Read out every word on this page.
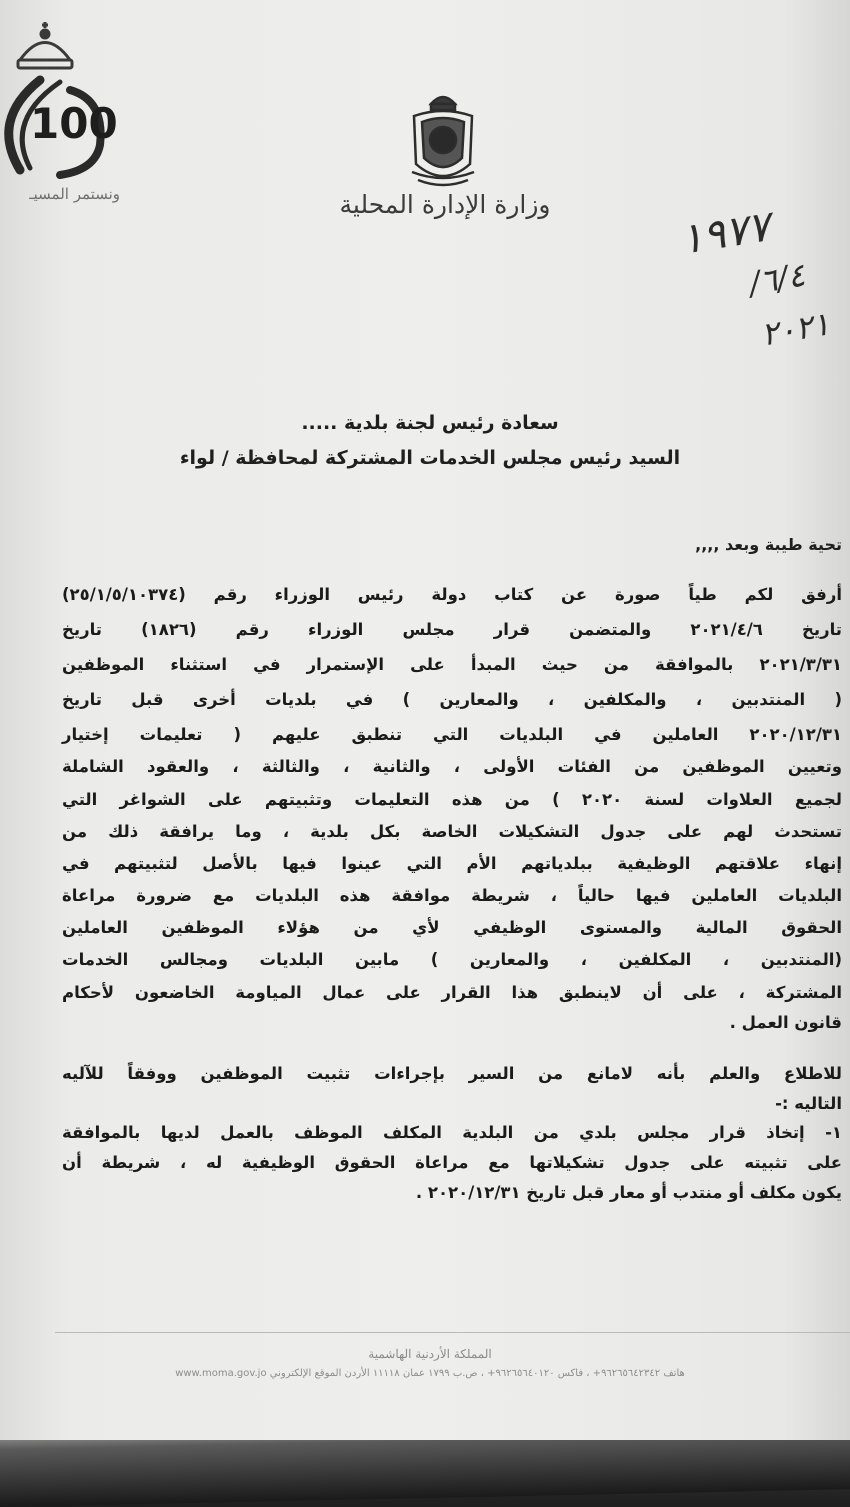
100
ونستمر المسيـ	وزارة الإدارة المحلية	١٩٧٧
٦/٤/
٢٠٢١
سعادة رئيس لجنة بلدية .....
السيد رئيس مجلس الخدمات المشتركة لمحافظة / لواء
تحية طيبة وبعد ,,,,
أرفق لكم طياً صورة عن كتاب دولة رئيس الوزراء رقم (٢٥/١/٥/١٠٣٧٤)
تاريخ ٢٠٢١/٤/٦ والمتضمن قرار مجلس الوزراء رقم (١٨٢٦) تاريخ
٢٠٢١/٣/٣١ بالموافقة من حيث المبدأ على الإستمرار في استثناء الموظفين
( المنتدبين ، والمكلفين ، والمعارين ) في بلديات أخرى قبل تاريخ
٢٠٢٠/١٢/٣١ العاملين في البلديات التي تنطبق عليهم ( تعليمات إختيار
وتعيين الموظفين من الفئات الأولى ، والثانية ، والثالثة ، والعقود الشاملة
لجميع العلاوات لسنة ٢٠٢٠ ) من هذه التعليمات وتثبيتهم على الشواغر التي
تستحدث لهم على جدول التشكيلات الخاصة بكل بلدية ، وما يرافقة ذلك من
إنهاء علاقتهم الوظيفية ببلدياتهم الأم التي عينوا فيها بالأصل لتثبيتهم في
البلديات العاملين فيها حالياً ، شريطة موافقة هذه البلديات مع ضرورة مراعاة
الحقوق المالية والمستوى الوظيفي لأي من هؤلاء الموظفين العاملين
(المنتدبين ، المكلفين ، والمعارين ) مابين البلديات ومجالس الخدمات
المشتركة ، على أن لاينطبق هذا القرار على عمال المياومة الخاضعون لأحكام
قانون العمل .
للاطلاع والعلم بأنه لامانع من السير بإجراءات تثبيت الموظفين ووفقاً للآليه
التاليه :-
١- إتخاذ قرار مجلس بلدي من البلدية المكلف الموظف بالعمل لديها بالموافقة
على تثبيته على جدول تشكيلاتها مع مراعاة الحقوق الوظيفية له ، شريطة أن
يكون مكلف أو منتدب أو معار قبل تاريخ ٢٠٢٠/١٢/٣١ .
المملكة الأردنية الهاشمية
هاتف ٩٦٢٦٥٦٤٢٣٤٢+ ، فاكس ٩٦٢٦٥٦٤٠١٢٠+ ، ص.ب ١٧٩٩ عمان ١١١١٨ الأردن الموقع الإلكتروني www.moma.gov.jo
